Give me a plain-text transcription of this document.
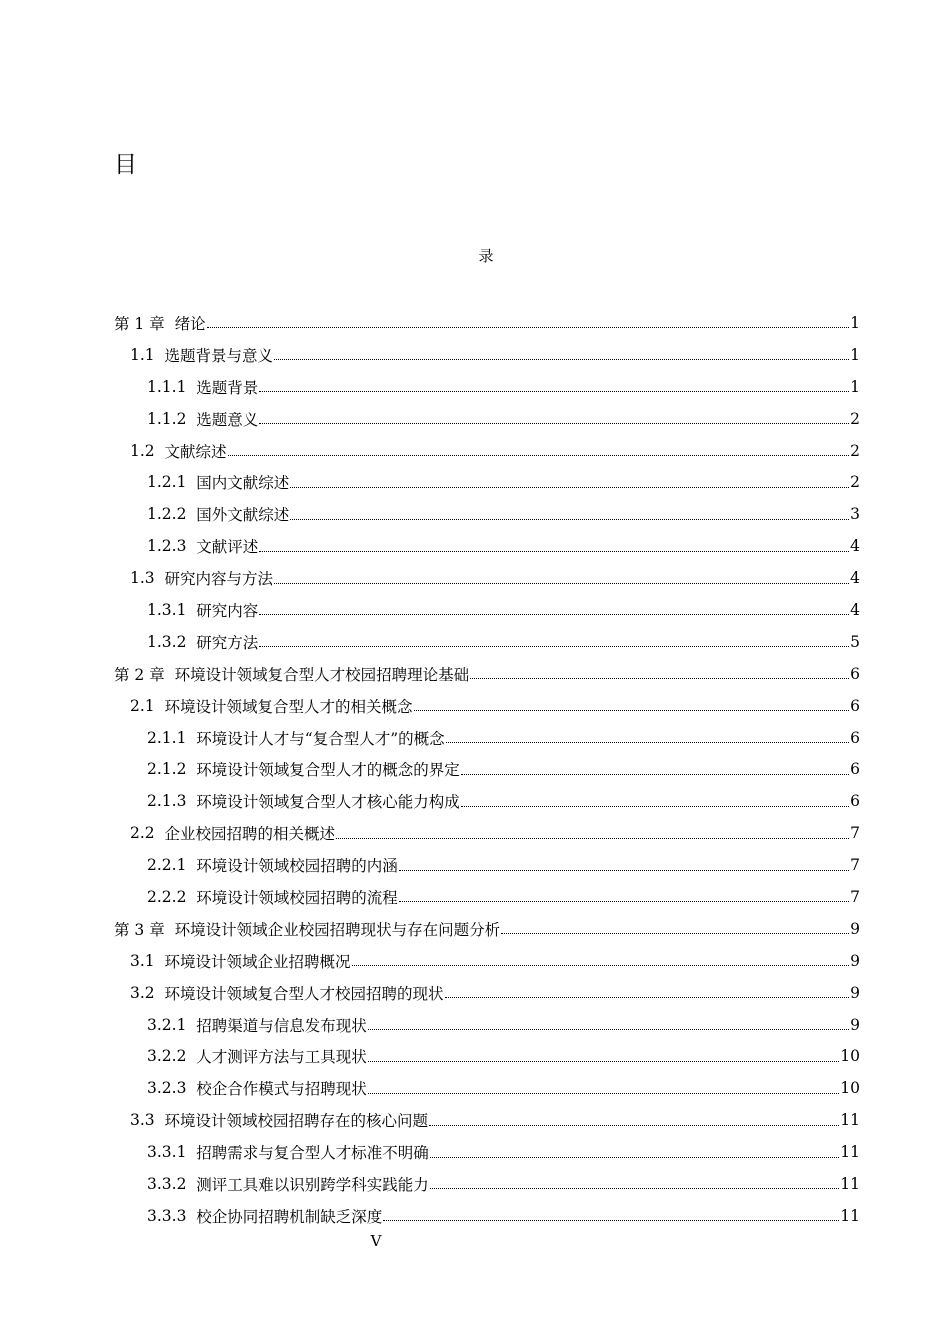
目
录
第 1 章 绪论	1
1.1 选题背景与意义	1
1.1.1 选题背景	1
1.1.2 选题意义	2
1.2 文献综述	2
1.2.1 国内文献综述	2
1.2.2 国外文献综述	3
1.2.3 文献评述	4
1.3 研究内容与方法	4
1.3.1 研究内容	4
1.3.2 研究方法	5
第 2 章 环境设计领域复合型人才校园招聘理论基础	6
2.1 环境设计领域复合型人才的相关概念	6
2.1.1 环境设计人才与“复合型人才”的概念	6
2.1.2 环境设计领域复合型人才的概念的界定	6
2.1.3 环境设计领域复合型人才核心能力构成	6
2.2 企业校园招聘的相关概述	7
2.2.1 环境设计领域校园招聘的内涵	7
2.2.2 环境设计领域校园招聘的流程	7
第 3 章 环境设计领域企业校园招聘现状与存在问题分析	9
3.1 环境设计领域企业招聘概况	9
3.2 环境设计领域复合型人才校园招聘的现状	9
3.2.1 招聘渠道与信息发布现状	9
3.2.2 人才测评方法与工具现状	10
3.2.3 校企合作模式与招聘现状	10
3.3 环境设计领域校园招聘存在的核心问题	11
3.3.1 招聘需求与复合型人才标准不明确	11
3.3.2 测评工具难以识别跨学科实践能力	11
3.3.3 校企协同招聘机制缺乏深度	11
V
